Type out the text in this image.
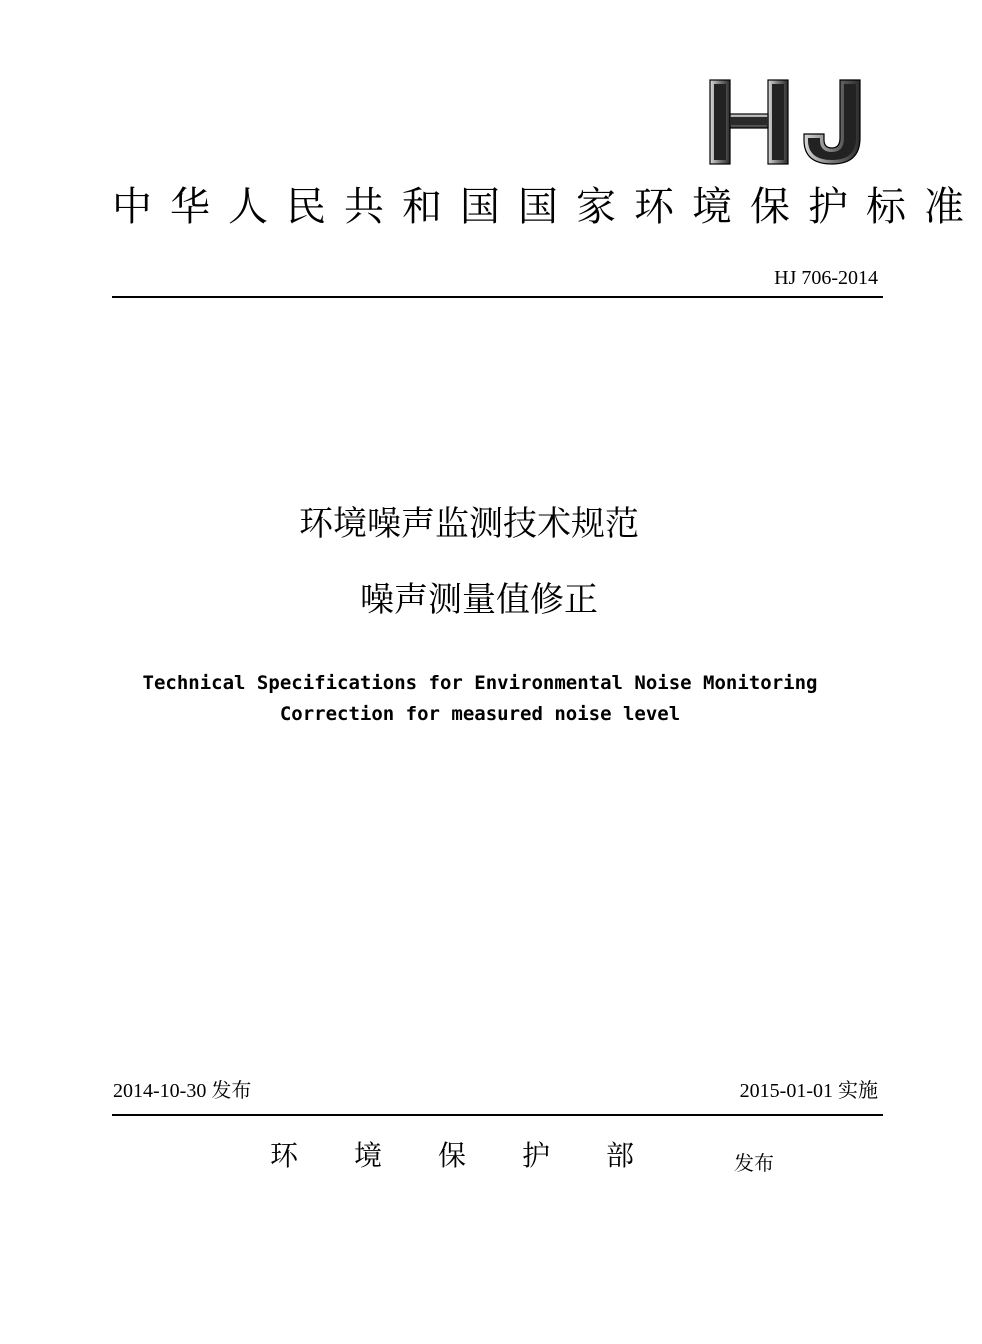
HJ
中华人民共和国国家环境保护标准
HJ 706-2014
环境噪声监测技术规范
噪声测量值修正
Technical Specifications for Environmental Noise Monitoring
Correction for measured noise level
2014-10-30 发布	2015-01-01 实施
环境保护部 发布
